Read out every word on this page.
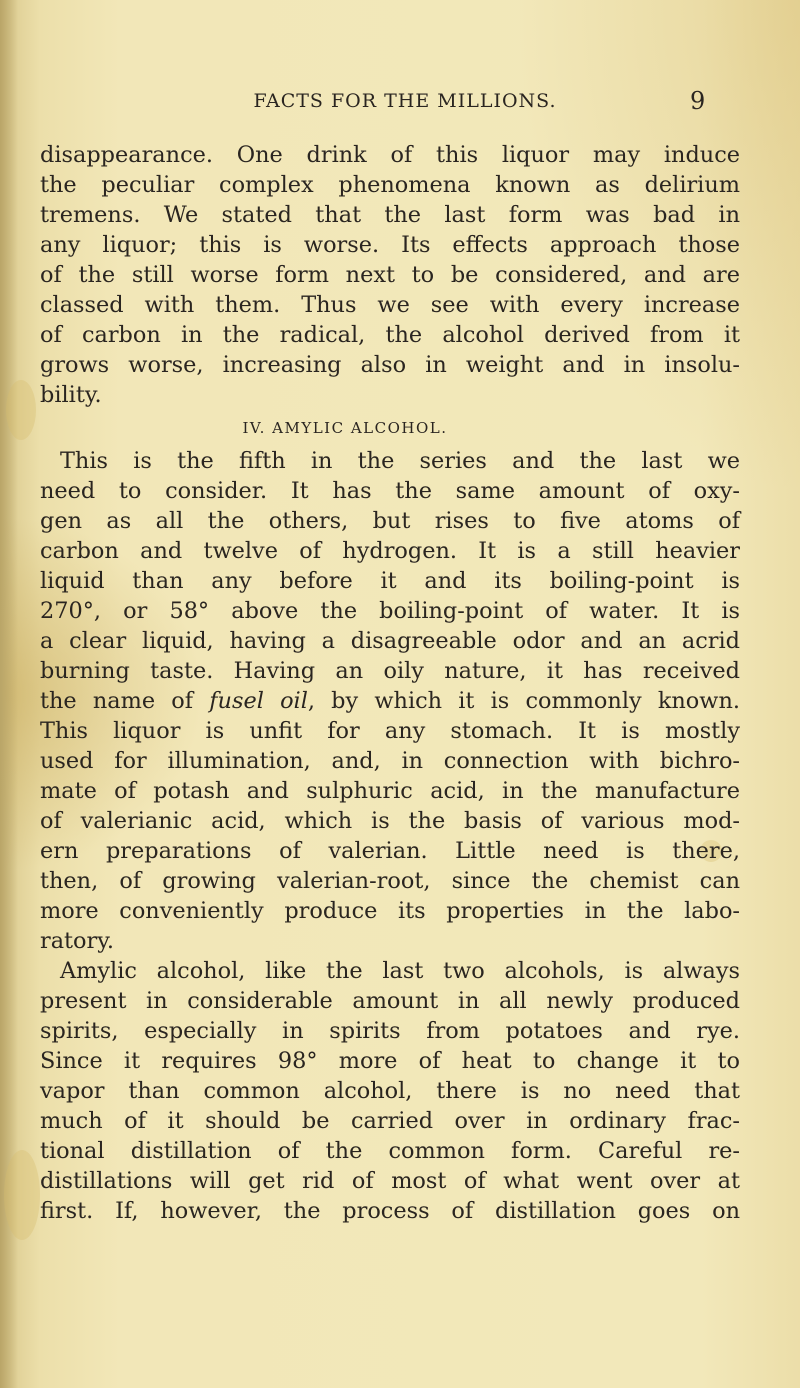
FACTS FOR THE MILLIONS.	9
disappearance. One drink of this liquor may induce
the peculiar complex phenomena known as delirium
tremens. We stated that the last form was bad in
any liquor; this is worse. Its effects approach those
of the still worse form next to be considered, and are
classed with them. Thus we see with every increase
of carbon in the radical, the alcohol derived from it
grows worse, increasing also in weight and in insolu-
bility.
IV. AMYLIC ALCOHOL.
This is the fifth in the series and the last we
need to consider. It has the same amount of oxy-
gen as all the others, but rises to five atoms of
carbon and twelve of hydrogen. It is a still heavier
liquid than any before it and its boiling-point is
270°, or 58° above the boiling-point of water. It is
a clear liquid, having a disagreeable odor and an acrid
burning taste. Having an oily nature, it has received
the name of fusel oil, by which it is commonly known.
This liquor is unfit for any stomach. It is mostly
used for illumination, and, in connection with bichro-
mate of potash and sulphuric acid, in the manufacture
of valerianic acid, which is the basis of various mod-
ern preparations of valerian. Little need is there,
then, of growing valerian-root, since the chemist can
more conveniently produce its properties in the labo-
ratory.
Amylic alcohol, like the last two alcohols, is always
present in considerable amount in all newly produced
spirits, especially in spirits from potatoes and rye.
Since it requires 98° more of heat to change it to
vapor than common alcohol, there is no need that
much of it should be carried over in ordinary frac-
tional distillation of the common form. Careful re-
distillations will get rid of most of what went over at
first. If, however, the process of distillation goes on
